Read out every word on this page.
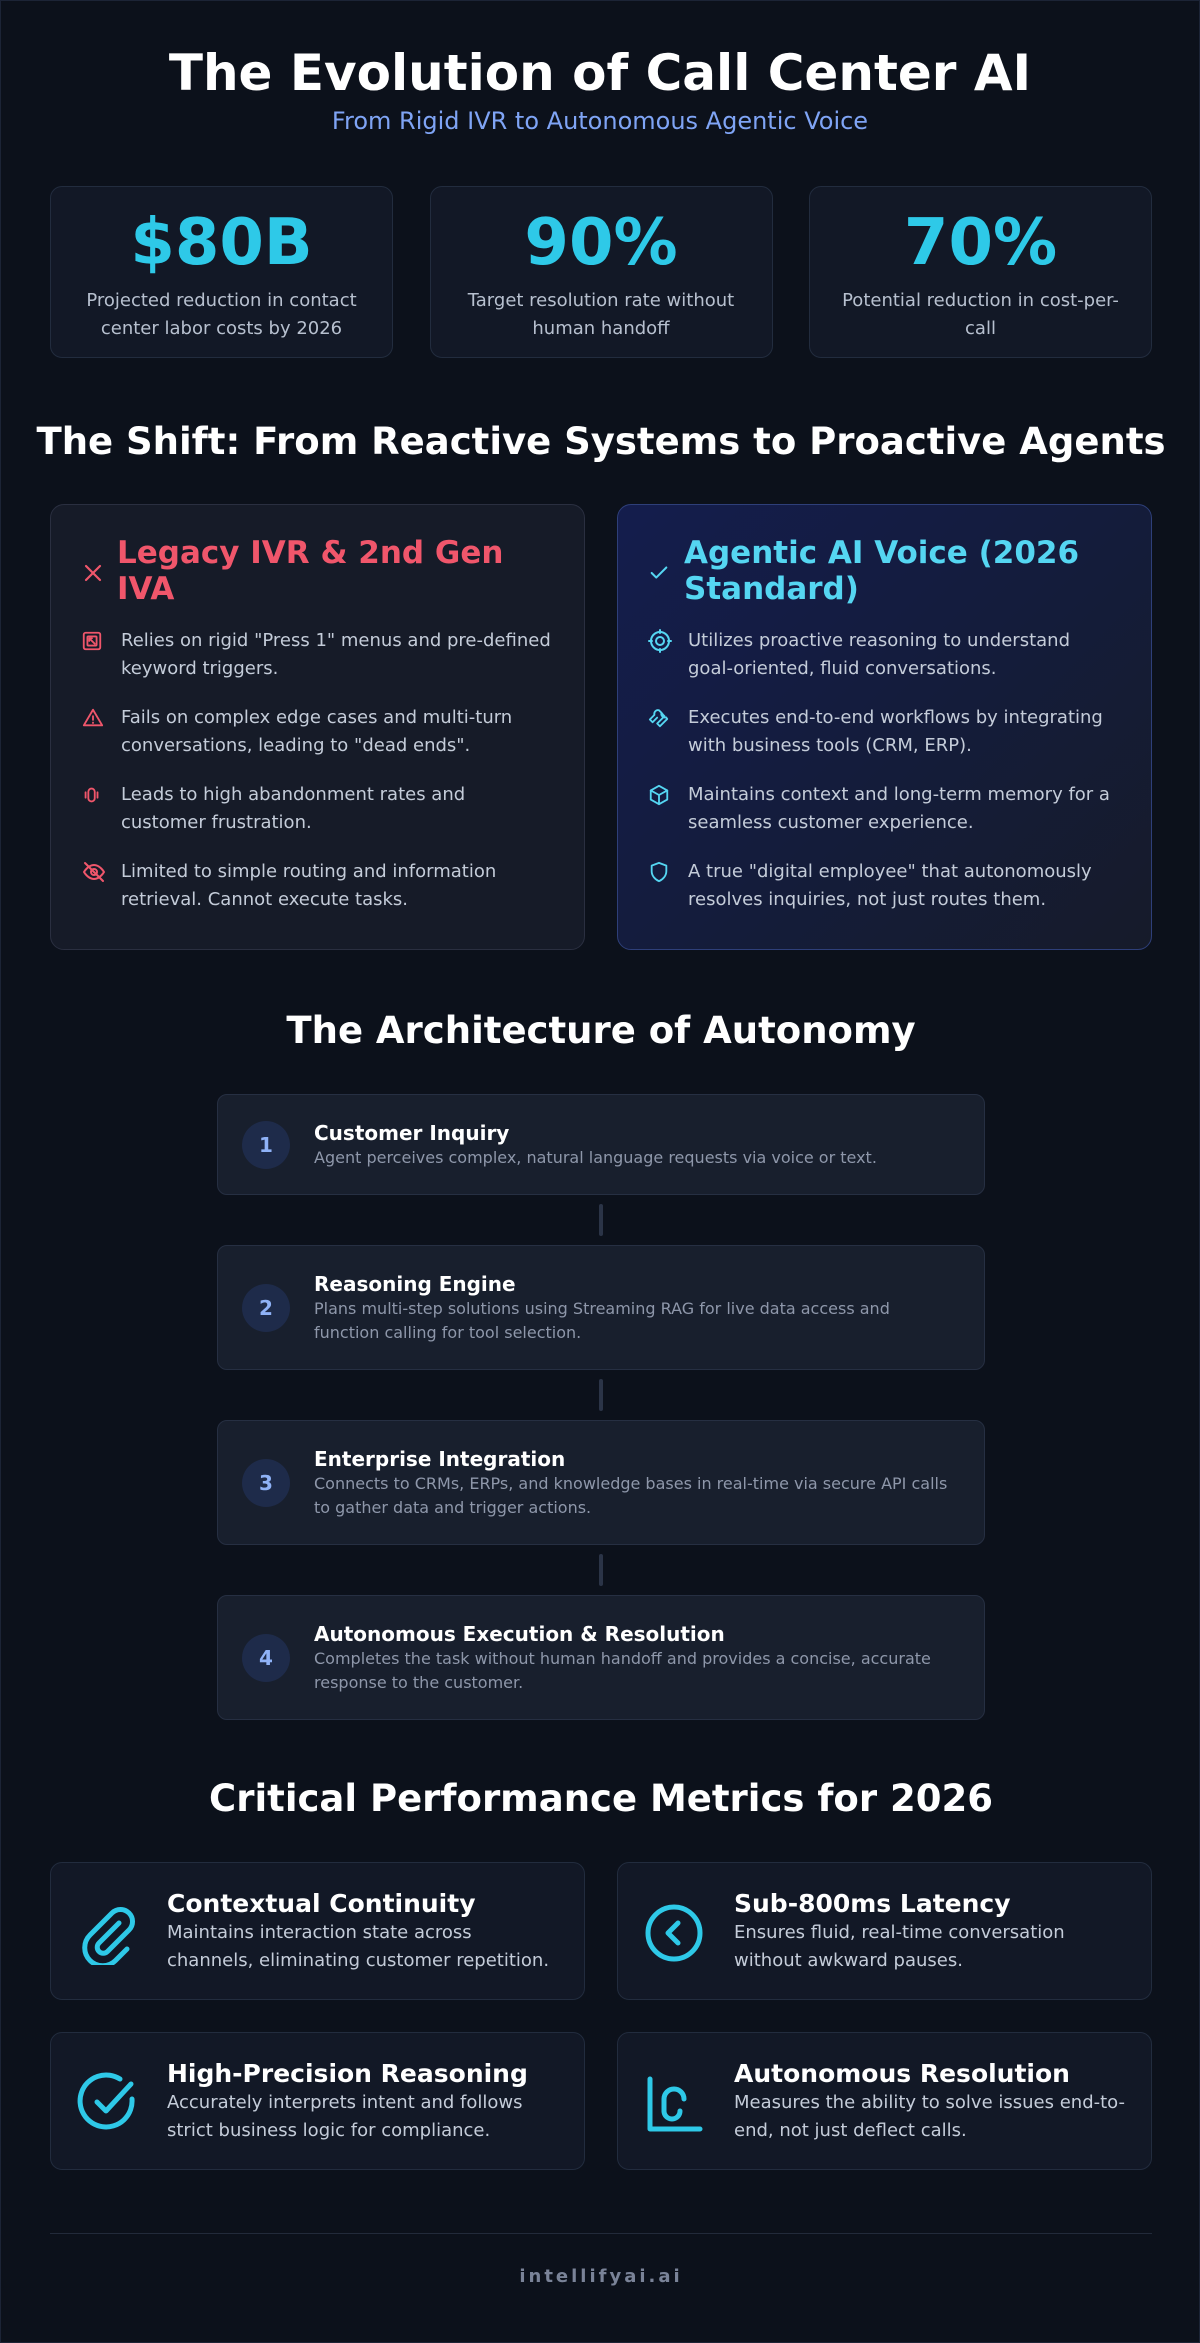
The Evolution of Call Center AI
From Rigid IVR to Autonomous Agentic Voice
$80B
Projected reduction in contact center labor costs by 2026
90%
Target resolution rate without human handoff
70%
Potential reduction in cost-per-call
The Shift: From Reactive Systems to Proactive Agents
Legacy IVR & 2nd Gen IVA
Relies on rigid "Press 1" menus and pre-defined keyword triggers.
Fails on complex edge cases and multi-turn conversations, leading to "dead ends".
Leads to high abandonment rates and customer frustration.
Limited to simple routing and information retrieval. Cannot execute tasks.
Agentic AI Voice (2026 Standard)
Utilizes proactive reasoning to understand goal-oriented, fluid conversations.
Executes end-to-end workflows by integrating with business tools (CRM, ERP).
Maintains context and long-term memory for a seamless customer experience.
A true "digital employee" that autonomously resolves inquiries, not just routes them.
The Architecture of Autonomy
1	Customer Inquiry
Agent perceives complex, natural language requests via voice or text.
2
Reasoning Engine
Plans multi-step solutions using Streaming RAG for live data access and function calling for tool selection.
3
Enterprise Integration
Connects to CRMs, ERPs, and knowledge bases in real-time via secure API calls to gather data and trigger actions.
4
Autonomous Execution & Resolution
Completes the task without human handoff and provides a concise, accurate response to the customer.
Critical Performance Metrics for 2026
Contextual Continuity
Maintains interaction state across channels, eliminating customer repetition.
Sub-800ms Latency
Ensures fluid, real-time conversation without awkward pauses.
High-Precision Reasoning
Accurately interprets intent and follows strict business logic for compliance.
Autonomous Resolution
Measures the ability to solve issues end-to-end, not just deflect calls.
intellifyai.ai
